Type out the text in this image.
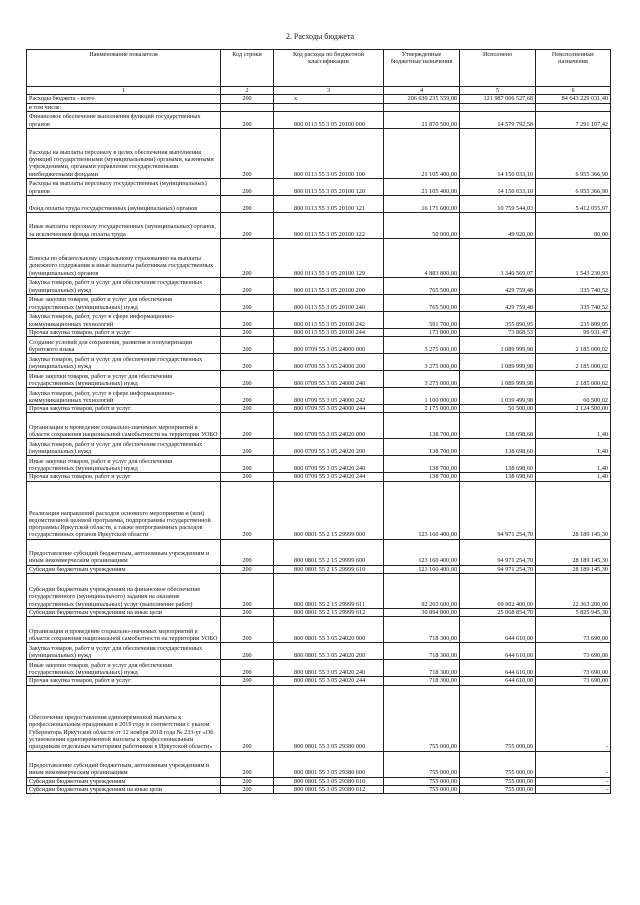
2. Расходы бюджета
Наименование показателя	Код строки	Код расхода по бюджетной классификации	Утвержденные бюджетные назначения	Исполнено	Неисполненные назначения
1	2	3	4	5	6
Расходы бюджета - всего	200	x	206 630 235 559,08	121 987 006 527,68	84 643 229 031,40
в том числе:					
Финансовое обеспечение выполнения функций государственных органов	200	800 0113 55 3 05 20100 000	21 870 500,00	14 579 792,58	7 291 107,42
Расходы на выплаты персоналу в целях обеспечения выполнения функций государственными (муниципальными) органами, казенными учреждениями, органами управления государственными внебюджетными фондами	200	800 0113 55 3 05 20100 100	21 105 400,00	14 150 033,10	6 955 366,90
Расходы на выплаты персоналу государственных (муниципальных) органов	200	800 0113 55 3 05 20100 120	21 105 400,00	14 150 033,10	6 955 366,90
Фонд оплаты труда государственных (муниципальных) органов	200	800 0113 55 3 05 20100 121	16 171 600,00	10 759 544,03	5 412 055,97
Иные выплаты персоналу государственных (муниципальных) органов, за исключением фонда оплаты труда	200	800 0113 55 3 05 20100 122	50 000,00	49 920,00	80,00
Взносы по обязательному социальному страхованию на выплаты денежного содержания и иные выплаты работникам государственных (муниципальных) органов	200	800 0113 55 3 05 20100 129	4 883 800,00	3 340 569,07	1 543 230,93
Закупка товаров, работ и услуг для обеспечения государственных (муниципальных) нужд	200	800 0113 55 3 05 20100 200	765 500,00	429 759,48	335 740,52
Иные закупки товаров, работ и услуг для обеспечения государственных (муниципальных) нужд	200	800 0113 55 3 05 20100 240	765 500,00	429 759,48	335 740,52
Закупка товаров, работ, услуг в сфере информационно-коммуникационных технологий	200	800 0113 55 3 05 20100 242	591 700,00	355 890,95	235 809,05
Прочая закупка товаров, работ и услуг	200	800 0113 55 3 05 20100 244	173 800,00	73 868,53	99 931,47
Создание условий для сохранения, развития и популяризации бурятского языка	200	800 0709 55 3 05 24000 000	3 275 000,00	1 089 999,98	2 185 000,02
Закупка товаров, работ и услуг для обеспечения государственных (муниципальных) нужд	200	800 0709 55 3 05 24000 200	3 275 000,00	1 089 999,98	2 185 000,02
Иные закупки товаров, работ и услуг для обеспечения государственных (муниципальных) нужд	200	800 0709 55 3 05 24000 240	3 275 000,00	1 089 999,98	2 185 000,02
Закупка товаров, работ, услуг в сфере информационно-коммуникационных технологий	200	800 0709 55 3 05 24000 242	1 100 000,00	1 039 499,98	60 500,02
Прочая закупка товаров, работ и услуг	200	800 0709 55 3 05 24000 244	2 175 000,00	50 500,00	2 124 500,00
Организация и проведение социально-значимых мероприятий в области сохранения национальной самобытности на территории УОБО	200	800 0709 55 3 05 24020 000	138 700,00	138 698,60	1,40
Закупка товаров, работ и услуг для обеспечения государственных (муниципальных) нужд	200	800 0709 55 3 05 24020 200	138 700,00	138 698,60	1,40
Иные закупки товаров, работ и услуг для обеспечения государственных (муниципальных) нужд	200	800 0709 55 3 05 24020 240	138 700,00	138 698,60	1,40
Прочая закупка товаров, работ и услуг	200	800 0709 55 3 05 24020 244	138 700,00	138 698,60	1,40
Реализация направлений расходов основного мероприятия и (или) ведомственной целевой программы, подпрограммы государственной программы Иркутской области, а также непрограммных расходов государственных органов Иркутской области	200	800 0801 55 2 15 29999 000	123 160 400,00	94 971 254,70	28 189 145,30
Предоставление субсидий бюджетным, автономным учреждениям и иным некоммерческим организациям	200	800 0801 55 2 15 29999 600	123 160 400,00	94 971 254,70	28 189 145,30
Субсидии бюджетным учреждениям	200	800 0801 55 2 15 29999 610	123 160 400,00	94 971 254,70	28 189 145,30
Субсидии бюджетным учреждениям на финансовое обеспечение государственного (муниципального) задания на оказание государственных (муниципальных) услуг (выполнение работ)	200	800 0801 55 2 15 29999 611	92 265 600,00	69 902 400,00	22 363 200,00
Субсидии бюджетным учреждениям на иные цели	200	800 0801 55 2 15 29999 612	30 894 800,00	25 068 854,70	5 825 945,30
Организация и проведение социально-значимых мероприятий в области сохранения национальной самобытности на территории УОБО	200	800 0801 55 3 05 24020 000	718 300,00	644 610,00	73 690,00
Закупка товаров, работ и услуг для обеспечения государственных (муниципальных) нужд	200	800 0801 55 3 05 24020 200	718 300,00	644 610,00	73 690,00
Иные закупки товаров, работ и услуг для обеспечения государственных (муниципальных) нужд	200	800 0801 55 3 05 24020 240	718 300,00	644 610,00	73 690,00
Прочая закупка товаров, работ и услуг	200	800 0801 55 3 05 24020 244	718 300,00	644 610,00	73 690,00
Обеспечение предоставления единовременной выплаты к профессиональным праздникам в 2019 году в соответствии с указом Губернатора Иркутской области от 12 ноября 2018 года № 233-уг «Об установлении единовременной выплаты к профессиональным праздникам отдельным категориям работников в Иркутской области»	200	800 0801 55 3 05 29380 000	755 000,00	755 000,00	-
Предоставление субсидий бюджетным, автономным учреждениям и иным некоммерческим организациям	200	800 0801 55 3 05 29380 600	755 000,00	755 000,00	-
Субсидии бюджетным учреждениям	200	800 0801 55 3 05 29380 610	755 000,00	755 000,00	-
Субсидии бюджетным учреждениям на иные цели	200	800 0801 55 3 05 29380 612	755 000,00	755 000,00	-
